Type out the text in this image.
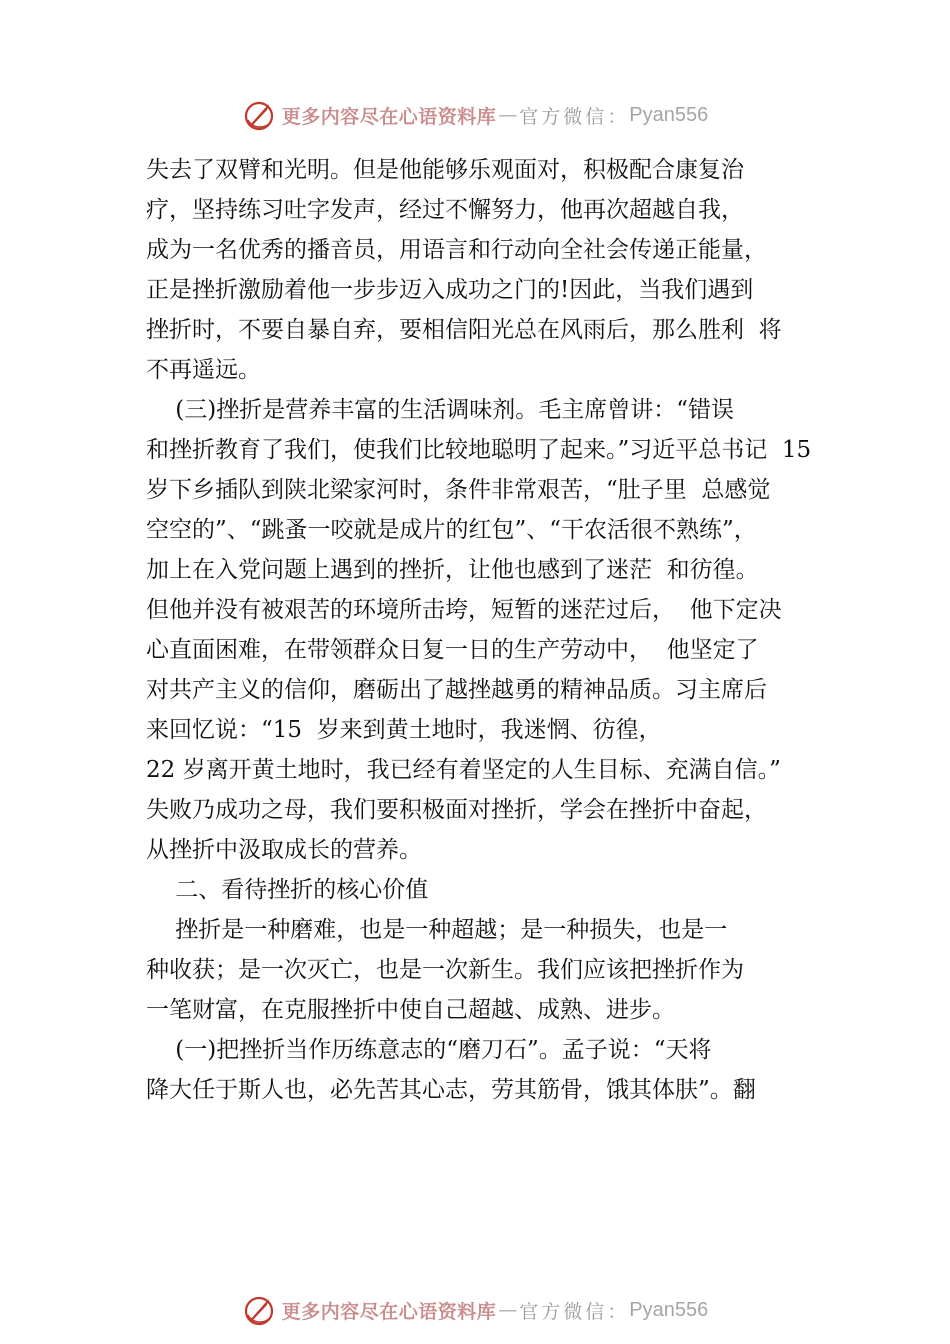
更多内容尽在心语资料库 — 官方微信： Pyan556
失去了双臂和光明。但是他能够乐观面对，积极配合康复治
疗，坚持练习吐字发声，经过不懈努力，他再次超越自我，
成为一名优秀的播音员，用语言和行动向全社会传递正能量，
正是挫折激励着他一步步迈入成功之门的!因此，当我们遇到
挫折时，不要自暴自弃，要相信阳光总在风雨后，那么胜利  将
不再遥远。
(三)挫折是营养丰富的生活调味剂。毛主席曾讲：“错误
和挫折教育了我们，使我们比较地聪明了起来。”习近平总书记  15
岁下乡插队到陕北梁家河时，条件非常艰苦，“肚子里  总感觉
空空的”、“跳蚤一咬就是成片的红包”、“干农活很不熟练”，
加上在入党问题上遇到的挫折，让他也感到了迷茫  和彷徨。
但他并没有被艰苦的环境所击垮，短暂的迷茫过后，  他下定决
心直面困难，在带领群众日复一日的生产劳动中，  他坚定了
对共产主义的信仰，磨砺出了越挫越勇的精神品质。习主席后
来回忆说：“15  岁来到黄土地时，我迷惘、彷徨，
22 岁离开黄土地时，我已经有着坚定的人生目标、充满自信。”
失败乃成功之母，我们要积极面对挫折，学会在挫折中奋起，
从挫折中汲取成长的营养。
二、看待挫折的核心价值
挫折是一种磨难，也是一种超越；是一种损失，也是一
种收获；是一次灭亡，也是一次新生。我们应该把挫折作为
一笔财富，在克服挫折中使自己超越、成熟、进步。
(一)把挫折当作历练意志的“磨刀石”。孟子说：“天将
降大任于斯人也，必先苦其心志，劳其筋骨，饿其体肤”。翻
更多内容尽在心语资料库 — 官方微信： Pyan556
